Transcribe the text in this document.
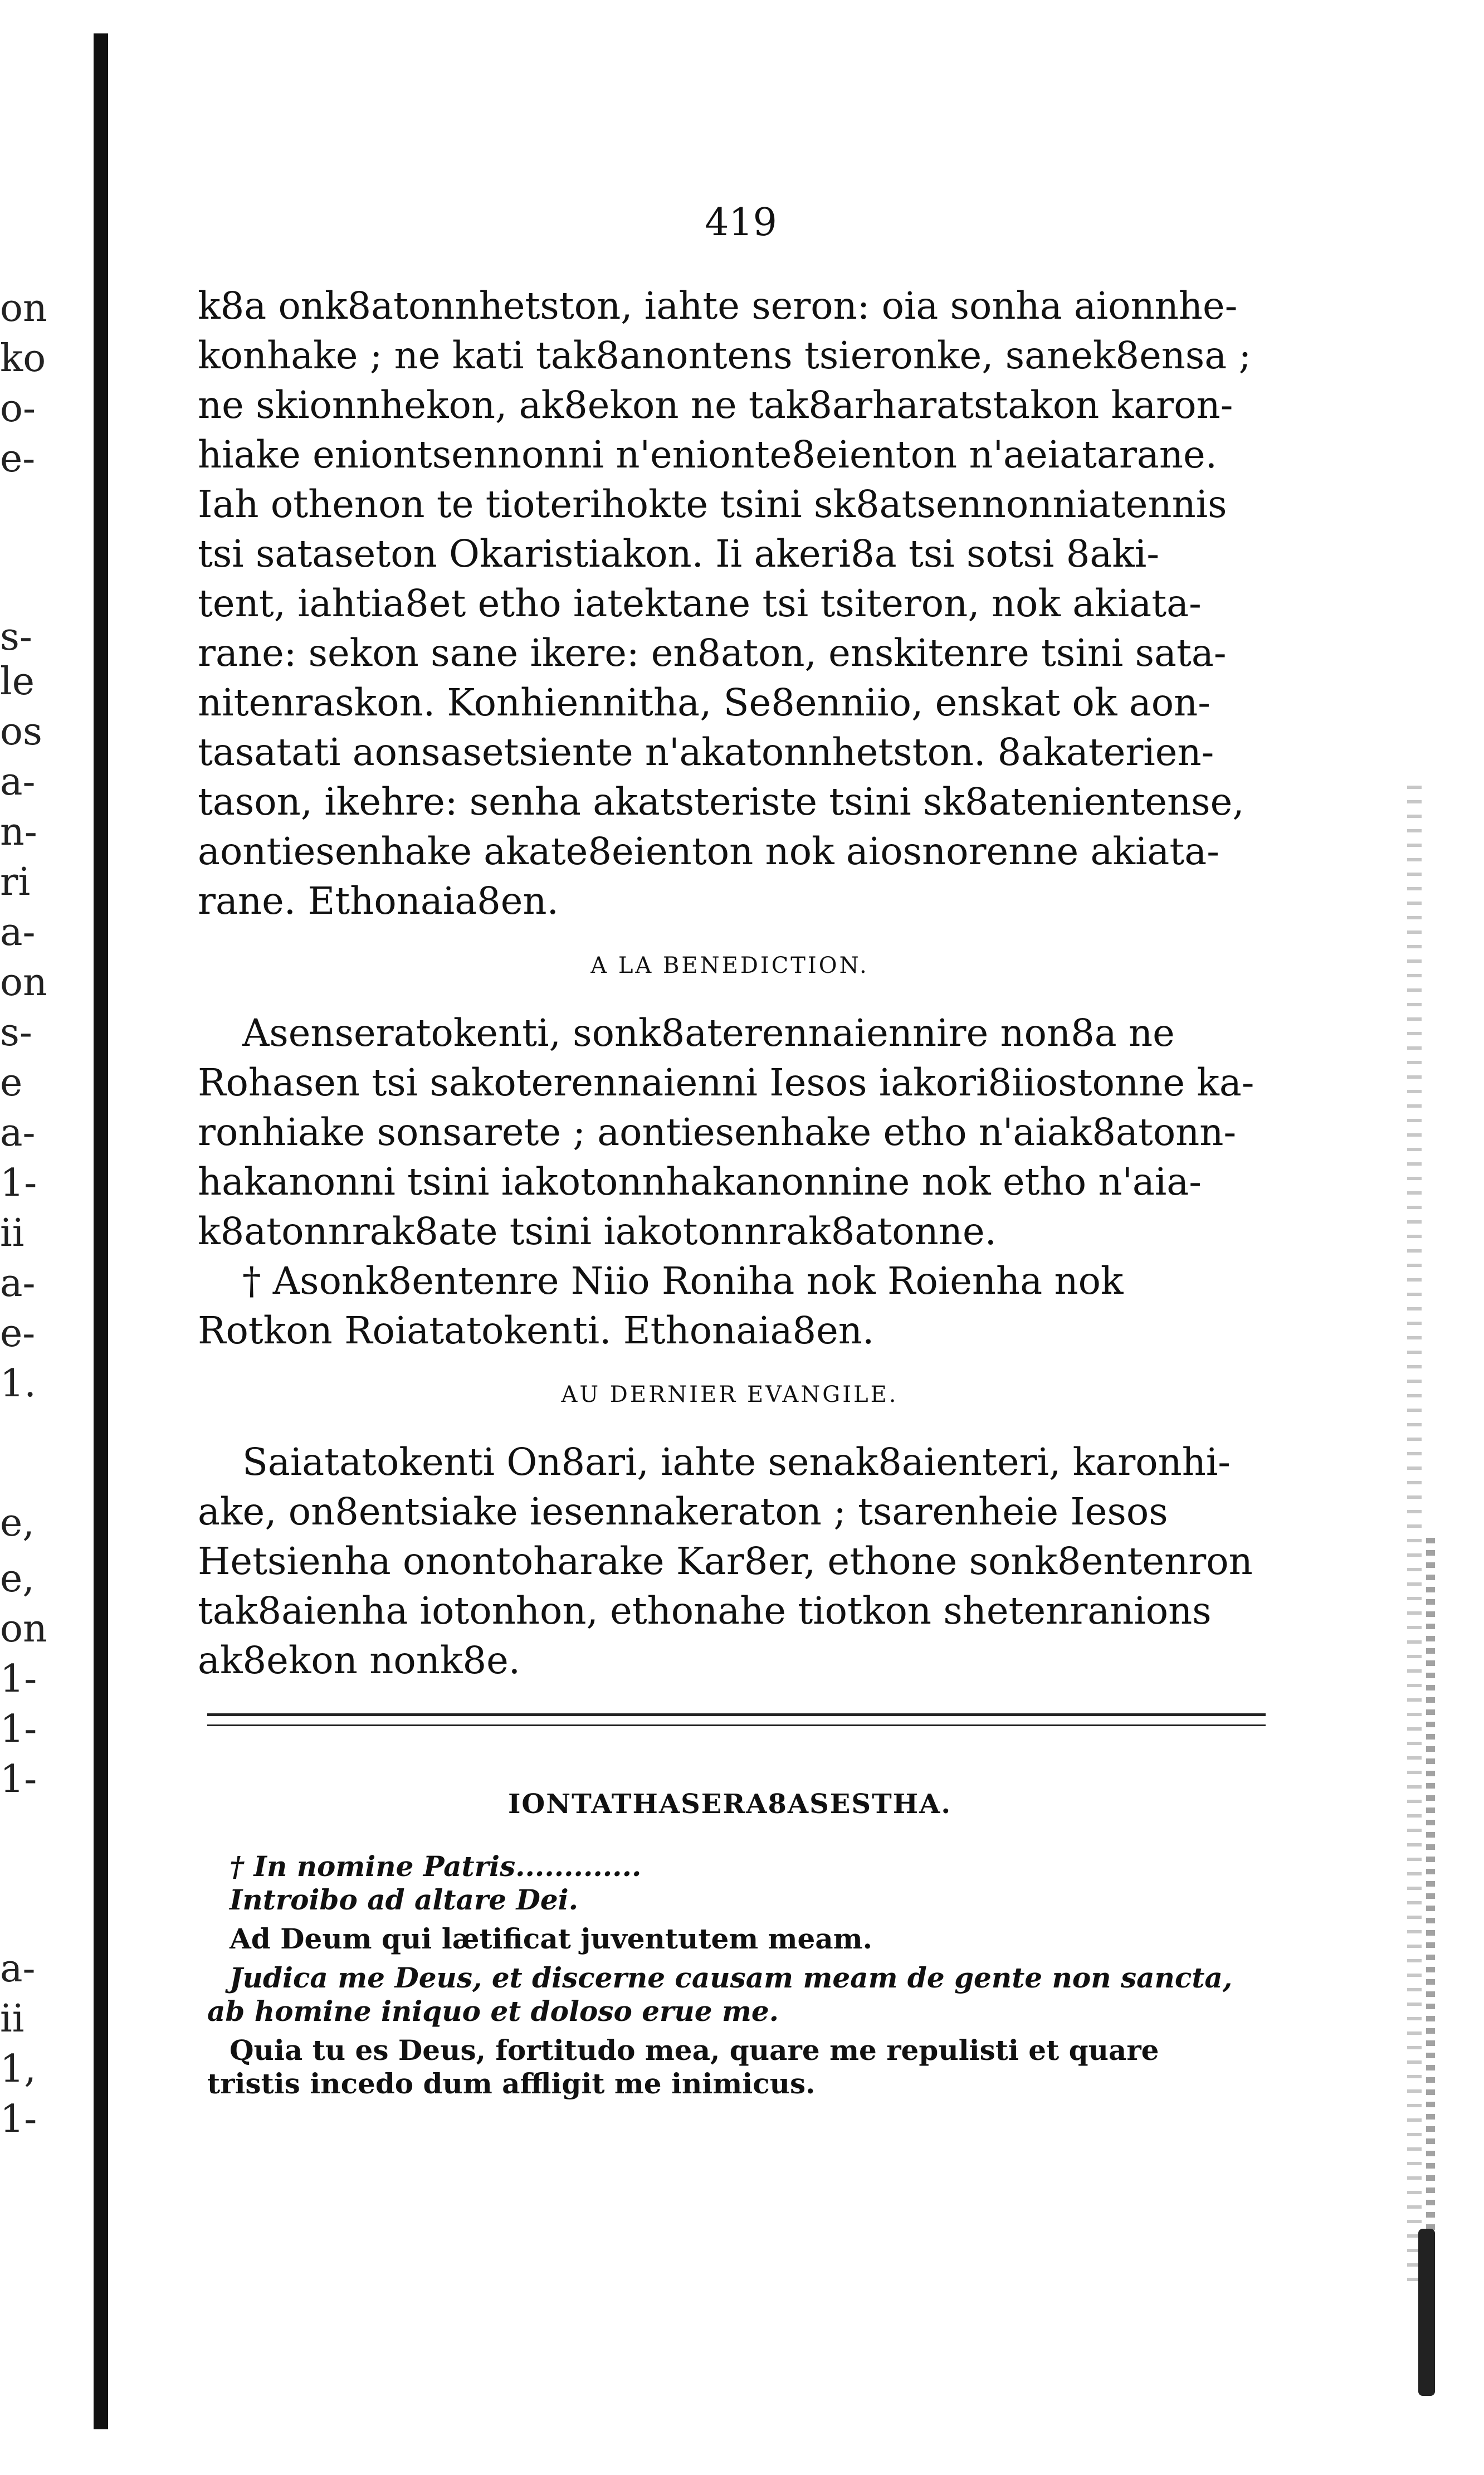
on
ko
o-
e-
s-
le
os
a-
n-
ri
a-
on
s-
e
a-
1-
ii
a-
e-
1.
e,
e,
on
1-
1-
1-
a-
ii
1,
1-
419
k8a onk8atonnhetston, iahte seron: oia sonha aionnhe-
konhake ; ne kati tak8anontens tsieronke, sanek8ensa ;
ne skionnhekon, ak8ekon ne tak8arharatstakon karon-
hiake eniontsennonni n'enionte8eienton n'aeiatarane.
Iah othenon te tioterihokte tsini sk8atsennonniatennis
tsi sataseton Okaristiakon. Ii akeri8a tsi sotsi 8aki-
tent, iahtia8et etho iatektane tsi tsiteron, nok akiata-
rane: sekon sane ikere: en8aton, enskitenre tsini sata-
nitenraskon. Konhiennitha, Se8enniio, enskat ok aon-
tasatati aonsasetsiente n'akatonnhetston. 8akaterien-
tason, ikehre: senha akatsteriste tsini sk8atenientense,
aontiesenhake akate8eienton nok aiosnorenne akiata-
rane. Ethonaia8en.
A LA BENEDICTION.
Asenseratokenti, sonk8aterennaiennire non8a ne
Rohasen tsi sakoterennaienni Iesos iakori8iiostonne ka-
ronhiake sonsarete ; aontiesenhake etho n'aiak8atonn-
hakanonni tsini iakotonnhakanonnine nok etho n'aia-
k8atonnrak8ate tsini iakotonnrak8atonne.
† Asonk8entenre Niio Roniha nok Roienha nok
Rotkon Roiatatokenti. Ethonaia8en.
AU DERNIER EVANGILE.
Saiatatokenti On8ari, iahte senak8aienteri, karonhi-
ake, on8entsiake iesennakeraton ; tsarenheie Iesos
Hetsienha onontoharake Kar8er, ethone sonk8entenron
tak8aienha iotonhon, ethonahe tiotkon shetenranions
ak8ekon nonk8e.
IONTATHASERA8ASESTHA.
† In nomine Patris.............
Introibo ad altare Dei.
Ad Deum qui lætificat juventutem meam.
Judica me Deus, et discerne causam meam de gente non sancta,
ab homine iniquo et doloso erue me.
Quia tu es Deus, fortitudo mea, quare me repulisti et quare
tristis incedo dum affligit me inimicus.
